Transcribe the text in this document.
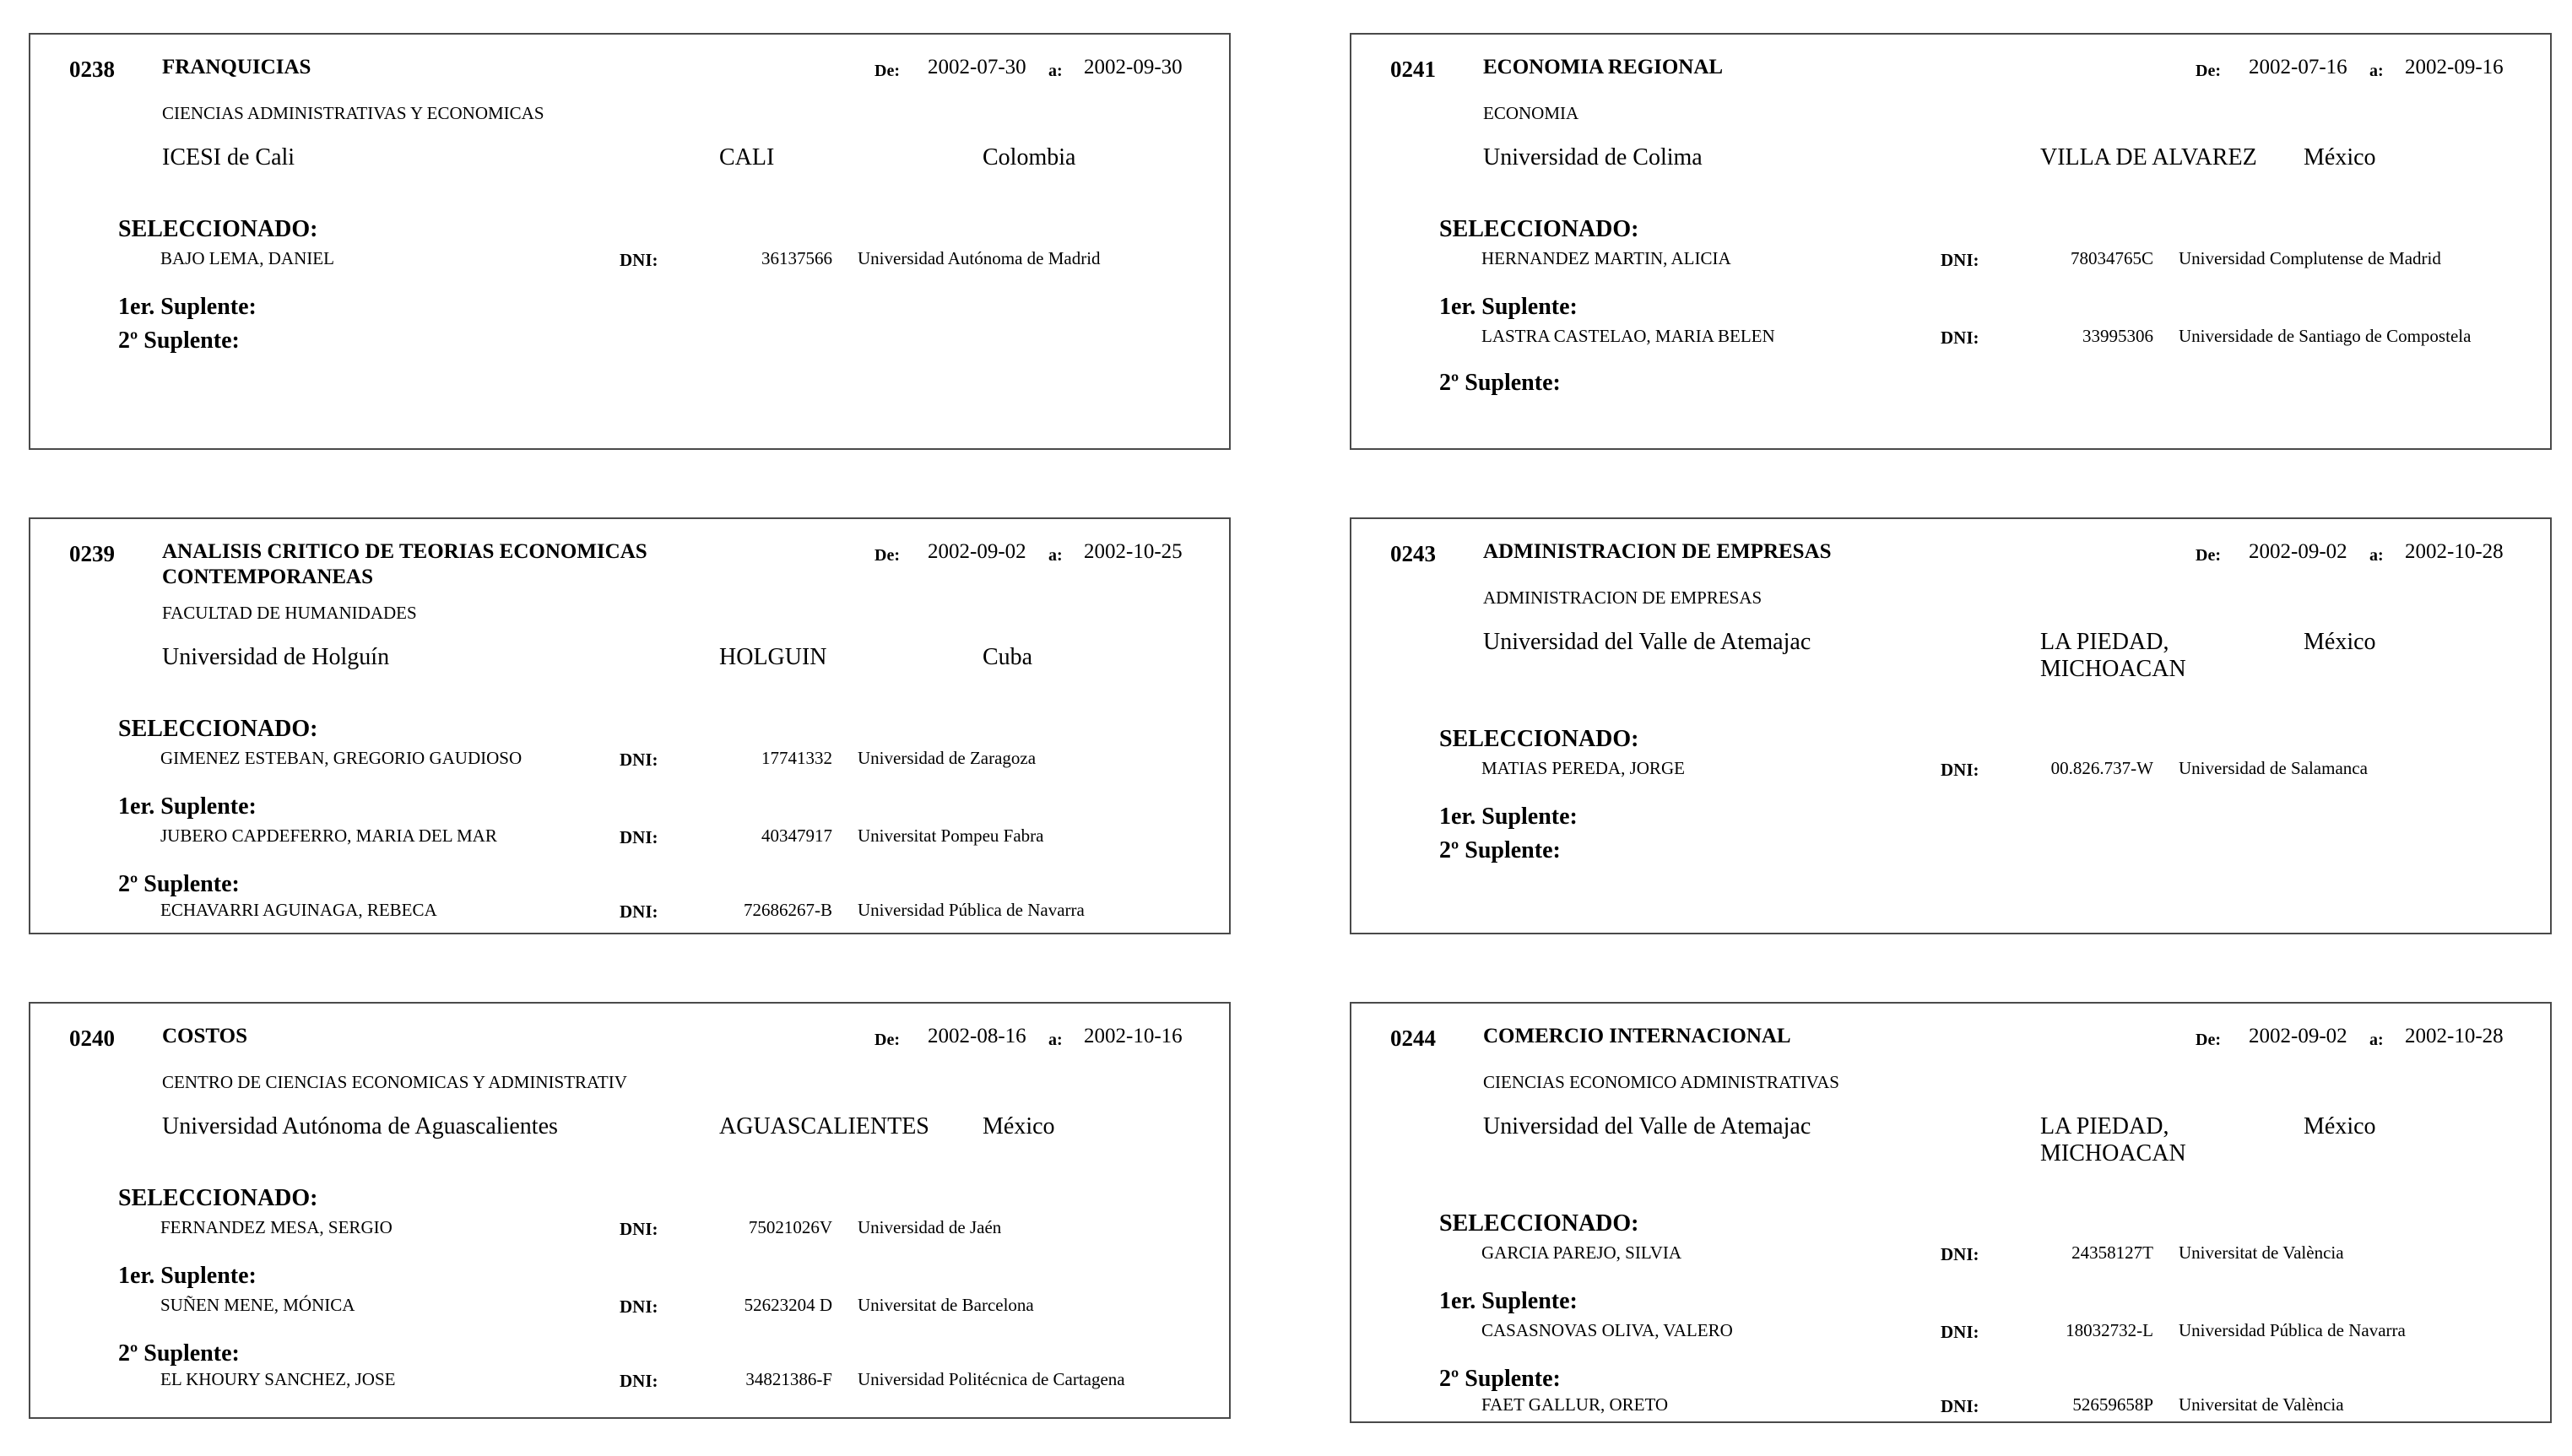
0238 FRANQUICIAS	De: 2002-07-30 a: 2002-09-30
CIENCIAS ADMINISTRATIVAS Y ECONOMICAS
ICESI de Cali	CALI	Colombia
SELECCIONADO:
BAJO LEMA, DANIEL	DNI:	36137566 Universidad Autónoma de Madrid
1er. Suplente:
2º Suplente:
0241 ECONOMIA REGIONAL	De: 2002-07-16 a: 2002-09-16
ECONOMIA
Universidad de Colima	VILLA DE ALVAREZ	México
SELECCIONADO:
HERNANDEZ MARTIN, ALICIA	DNI:	78034765C Universidad Complutense de Madrid
1er. Suplente:
LASTRA CASTELAO, MARIA BELEN	DNI:	33995306 Universidade de Santiago de Compostela
2º Suplente:
0239 ANALISIS CRITICO DE TEORIAS ECONOMICAS CONTEMPORANEAS
De: 2002-09-02 a: 2002-10-25
FACULTAD DE HUMANIDADES
Universidad de Holguín	HOLGUIN	Cuba
SELECCIONADO:
GIMENEZ ESTEBAN, GREGORIO GAUDIOSO	DNI:	17741332 Universidad de Zaragoza
1er. Suplente:
JUBERO CAPDEFERRO, MARIA DEL MAR	DNI:	40347917 Universitat Pompeu Fabra
2º Suplente:
ECHAVARRI AGUINAGA, REBECA	DNI:	72686267-B Universidad Pública de Navarra
0243 ADMINISTRACION DE EMPRESAS	De: 2002-09-02 a: 2002-10-28
ADMINISTRACION DE EMPRESAS
Universidad del Valle de Atemajac	LA PIEDAD, MICHOACAN
México
SELECCIONADO:
MATIAS PEREDA, JORGE	DNI:	00.826.737-W Universidad de Salamanca
1er. Suplente:
2º Suplente:
0240 COSTOS	De: 2002-08-16 a: 2002-10-16
CENTRO DE CIENCIAS ECONOMICAS Y ADMINISTRATIV
Universidad Autónoma de Aguascalientes	AGUASCALIENTES	México
SELECCIONADO:
FERNANDEZ MESA, SERGIO	DNI:	75021026V Universidad de Jaén
1er. Suplente:
SUÑEN MENE, MÓNICA	DNI:	52623204 D Universitat de Barcelona
2º Suplente:
EL KHOURY SANCHEZ, JOSE	DNI:	34821386-F Universidad Politécnica de Cartagena
0244 COMERCIO INTERNACIONAL	De: 2002-09-02 a: 2002-10-28
CIENCIAS ECONOMICO ADMINISTRATIVAS
Universidad del Valle de Atemajac	LA PIEDAD, MICHOACAN
México
SELECCIONADO:
GARCIA PAREJO, SILVIA	DNI:	24358127T Universitat de València
1er. Suplente:
CASASNOVAS OLIVA, VALERO	DNI:	18032732-L Universidad Pública de Navarra
2º Suplente:
FAET GALLUR, ORETO	DNI:	52659658P Universitat de València
